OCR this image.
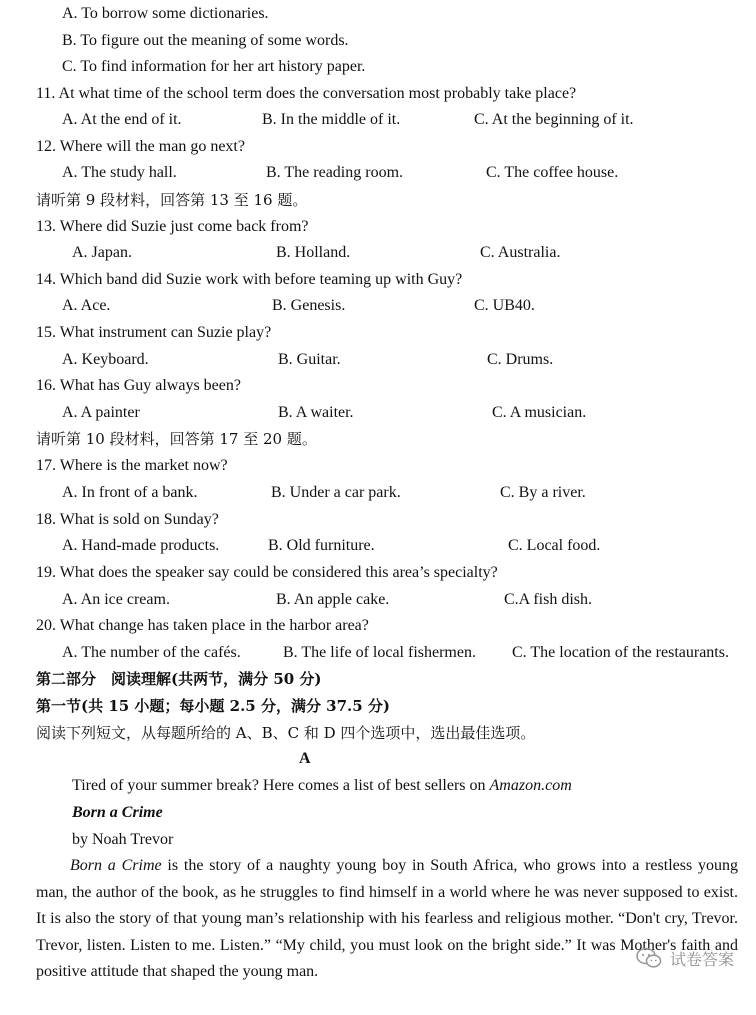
A. To borrow some dictionaries.
B. To figure out the meaning of some words.
C. To find information for her art history paper.
11. At what time of the school term does the conversation most probably take place?
A. At the end of it.	B. In the middle of it.	C. At the beginning of it.
12. Where will the man go next?
A. The study hall.	B. The reading room.	C. The coffee house.
请听第 9 段材料，回答第 13 至 16 题。
13. Where did Suzie just come back from?
A. Japan.	B. Holland.	C. Australia.
14. Which band did Suzie work with before teaming up with Guy?
A. Ace.	B. Genesis.	C. UB40.
15. What instrument can Suzie play?
A. Keyboard.	B. Guitar.	C. Drums.
16. What has Guy always been?
A. A painter	B. A waiter.	C. A musician.
请听第 10 段材料，回答第 17 至 20 题。
17. Where is the market now?
A. In front of a bank.	B. Under a car park.	C. By a river.
18. What is sold on Sunday?
A. Hand-made products.	B. Old furniture.	C. Local food.
19. What does the speaker say could be considered this area’s specialty?
A. An ice cream.	B. An apple cake.	C.A fish dish.
20. What change has taken place in the harbor area?
A. The number of the cafés.	B. The life of local fishermen. C. The location of the restaurants.
第二部分　阅读理解(共两节，满分 50 分)
第一节(共 15 小题；每小题 2.5 分，满分 37.5 分)
阅读下列短文，从每题所给的 A、B、C 和 D 四个选项中，选出最佳选项。
A
Tired of your summer break? Here comes a list of best sellers on Amazon.com
Born a Crime
by Noah Trevor
Born a Crime is the story of a naughty young boy in South Africa, who grows into a restless young man, the author of the book, as he struggles to find himself in a world where he was never supposed to exist. It is also the story of that young man’s relationship with his fearless and religious mother. “Don't cry, Trevor. Trevor, listen. Listen to me. Listen.” “My child, you must look on the bright side.” It was Mother's faith and positive attitude that shaped the young man.
试卷答案
